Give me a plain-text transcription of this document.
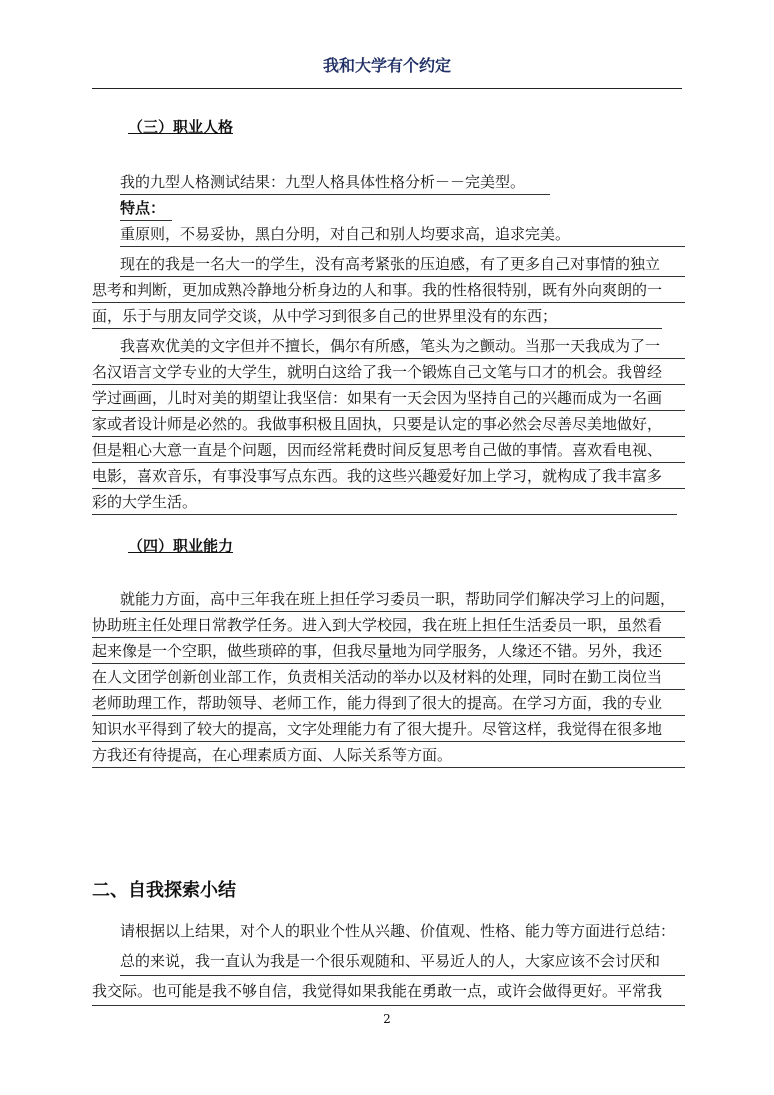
我和大学有个约定
（三）职业人格
我的九型人格测试结果：九型人格具体性格分析－－完美型。
特点：
重原则，不易妥协，黑白分明，对自己和别人均要求高，追求完美。
现在的我是一名大一的学生，没有高考紧张的压迫感，有了更多自己对事情的独立
思考和判断，更加成熟冷静地分析身边的人和事。我的性格很特别，既有外向爽朗的一
面，乐于与朋友同学交谈，从中学习到很多自己的世界里没有的东西；
我喜欢优美的文字但并不擅长，偶尔有所感，笔头为之颤动。当那一天我成为了一
名汉语言文学专业的大学生，就明白这给了我一个锻炼自己文笔与口才的机会。我曾经
学过画画，儿时对美的期望让我坚信：如果有一天会因为坚持自己的兴趣而成为一名画
家或者设计师是必然的。我做事积极且固执，只要是认定的事必然会尽善尽美地做好，
但是粗心大意一直是个问题，因而经常耗费时间反复思考自己做的事情。喜欢看电视、
电影，喜欢音乐，有事没事写点东西。我的这些兴趣爱好加上学习，就构成了我丰富多
彩的大学生活。
（四）职业能力
就能力方面，高中三年我在班上担任学习委员一职，帮助同学们解决学习上的问题，
协助班主任处理日常教学任务。进入到大学校园，我在班上担任生活委员一职，虽然看
起来像是一个空职，做些琐碎的事，但我尽量地为同学服务，人缘还不错。另外，我还
在人文团学创新创业部工作，负责相关活动的举办以及材料的处理，同时在勤工岗位当
老师助理工作，帮助领导、老师工作，能力得到了很大的提高。在学习方面，我的专业
知识水平得到了较大的提高，文字处理能力有了很大提升。尽管这样，我觉得在很多地
方我还有待提高，在心理素质方面、人际关系等方面。
二、自我探索小结
请根据以上结果，对个人的职业个性从兴趣、价值观、性格、能力等方面进行总结：
总的来说，我一直认为我是一个很乐观随和、平易近人的人，大家应该不会讨厌和
我交际。也可能是我不够自信，我觉得如果我能在勇敢一点，或许会做得更好。平常我
2
